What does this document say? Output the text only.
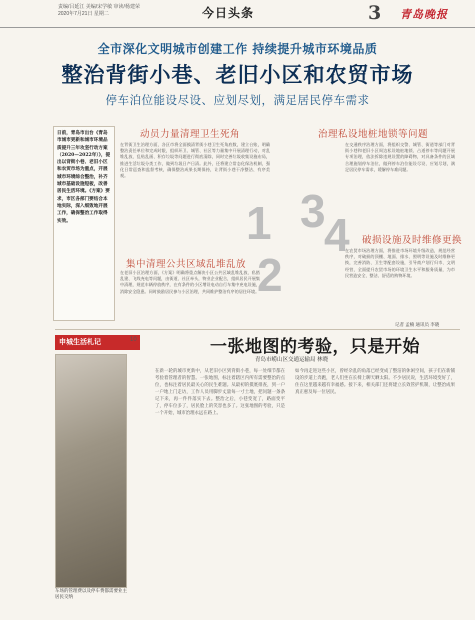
责编/吕延江 美编/宋学敏 审读/杨建荣
2020年7月21日 星期二	今日头条	3 青岛晚报
全市深化文明城市创建工作 持续提升城市环境品质
整治背街小巷、老旧小区和农贸市场
停车泊位能设尽设、应划尽划，满足居民停车需求
日前，青岛市出台《青岛市城市更新和城市环境品质提升三年攻坚行动方案（2020—2022年）》，提出以背街小巷、老旧小区和农贸市场为重点，开展城市环境综合整治，补齐城市基础设施短板，改善居民生活环境。《方案》要求，市区各部门要结合本地实际，深入细致地开展工作，确保整治工作取得实效。	1
2
3
4
动员力量清理卫生死角
在背街卫生治理方面，各区市将全面摸清背街小巷卫生死角底数，建立台账，明确整治责任单位和完成时限，组织环卫、城管、社区等力量集中开展清理行动，对乱堆乱放、乱贴乱画、积存垃圾等问题进行彻底清除，同时完善垃圾收集设施布局，推进生活垃圾分类工作，做到垃圾日产日清。此外，还将建立常态化保洁机制，强化日常巡查和监督考核，确保整治成果长期保持，让背街小巷干净整洁、有序美观。
集中清理公共区域乱堆乱放
在老旧小区治理方面，《方案》明确将重点解决小区公共区域乱堆乱放、私搭乱建、飞线充电等问题，由街道、社区牵头，物业企业配合，组织居民开展集中清理，规范车辆停放秩序，在有条件的小区增设电动自行车集中充电设施，消除安全隐患。同时鼓励居民参与小区治理，共同维护整洁有序的居住环境。
治理私设地桩地锁等问题
在交通秩序治理方面，将组织交警、城管、街道等部门对背街小巷和老旧小区周边私设地桩地锁、占道停车等问题开展专项治理，依法拆除违规设置的障碍物，对具备条件的区域合理施划停车泊位，做到停车泊位能设尽设、应划尽划，满足居民停车需求，缓解停车难问题。
破损设施及时维修更换
在农贸市场治理方面，将推进市场环境升级改造，规范经营秩序，对破损的顶棚、地面、排水、照明等设施及时维修更换，完善消防、卫生等配套设施，引导商户划行归市、文明经营，全面提升农贸市场的环境卫生水平和服务质量，为市民营造安全、整洁、舒适的购物环境。
记者 孟楠 通讯员 李晓
申城生活札记	10
车场的管理费以及停车费都需要业主居民交纳
一张地图的考验，只是开始
青岛市崂山区交通运输局 林晓
在新一轮的城市更新中，从老旧小区到背街小巷，每一处细节都在考验着管理者的智慧。一张地图，标注着辖区内所有需要整治的点位，也标注着居民最关心的民生难题。从最初的摸底排查，到一户一户地上门走访，工作人员用脚步丈量每一寸土地，把问题一条条记下来，再一件件落实下去。整治之后，小巷变宽了，路面变平了，停车位多了，居民脸上的笑容也多了。这张地图的考验，只是一个开始，城市治理永远在路上。
如今再走进这些小区，曾经杂乱的角落已经变成了整洁的休闲空间，孩子们在新铺设的步道上奔跑，老人们坐在长椅上聊天晒太阳。不少居民说，生活环境变好了，住在这里越来越有幸福感。接下来，相关部门还将建立长效管护机制，让整治成果真正惠及每一位居民。
